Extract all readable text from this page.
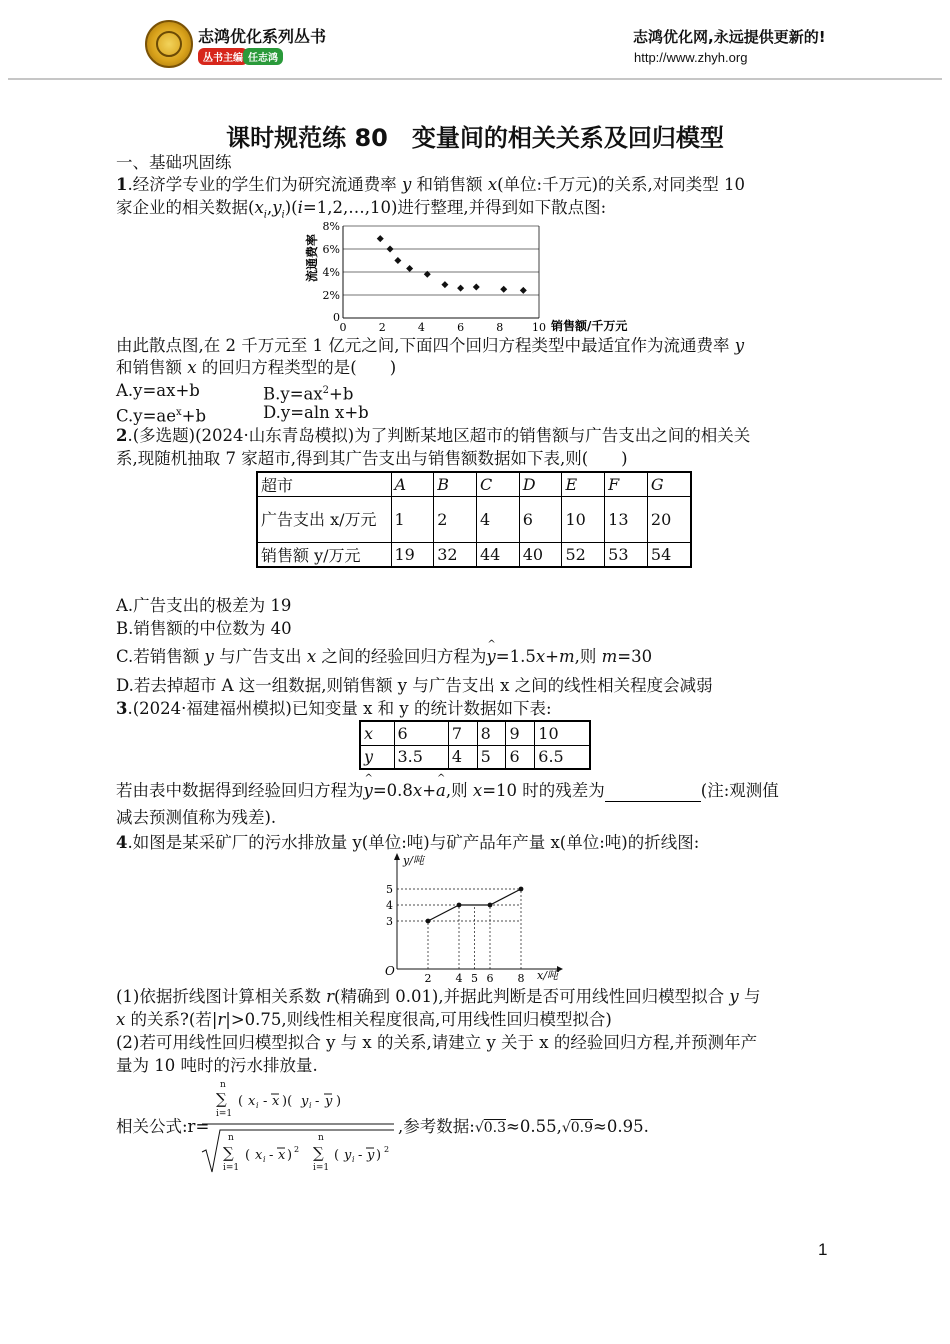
志鸿优化系列丛书
丛书主编 任志鸿
志鸿优化网,永远提供更新的!
http://www.zhyh.org
课时规范练 80　变量间的相关关系及回归模型
一、基础巩固练
1.经济学专业的学生们为研究流通费率 y 和销售额 x(单位:千万元)的关系,对同类型 10
家企业的相关数据$(x_i,y_i)(i=1,2,\dots,10)$进行整理,并得到如下散点图:
2%
4%
6%
8%
0
0	2	4	6	8	10 销售额/千万元
流通费率
由此散点图,在 2 千万元至 1 亿元之间,下面四个回归方程类型中最适宜作为流通费率 y
和销售额 x 的回归方程类型的是(　　)
A.y=ax+b	$B.y=ax^2+b$
$C.y=ae^x+b$	D.y=aln x+b
2.(多选题)(2024·山东青岛模拟)为了判断某地区超市的销售额与广告支出之间的相关关
系,现随机抽取 7 家超市,得到其广告支出与销售额数据如下表,则(　　)
超市	A	B	C	D	E	F	G
广告支出 x/万元	1	2	4	6	10	13	20
销售额 y/万元	19	32	44	40	52	53	54
A.广告支出的极差为 19
B.销售额的中位数为 40
C.若销售额 y 与广告支出 x 之间的经验回归方程为^ y=1.5x+m,则 m=30
D.若去掉超市 A 这一组数据,则销售额 y 与广告支出 x 之间的线性相关程度会减弱
3.(2024·福建福州模拟)已知变量 x 和 y 的统计数据如下表:
x	6	7	8	9	10
y	3.5	4	5	6	6.5
若由表中数据得到经验回归方程为^ y=0.8x+^ a,则 x=10 时的残差为	(注:观测值
减去预测值称为残差).
4.如图是某采矿厂的污水排放量 y(单位:吨)与矿产品年产量 x(单位:吨)的折线图:
y/吨
x/吨
O
2 4 5 6 8
3
4
5
(1)依据折线图计算相关系数 r(精确到 0.01),并据此判断是否可用线性回归模型拟合 y 与
x 的关系?(若|r|>0.75,则线性相关程度很高,可用线性回归模型拟合)
(2)若可用线性回归模型拟合 y 与 x 的关系,请建立 y 关于 x 的经验回归方程,并预测年产
量为 10 吨时的污水排放量.
相关公式:r=
n
∑
i=1
( x i - x )( y i - y )
n
∑
i=1
( x i - x ) 2
n
∑
i=1
( y i - y ) 2
,参考数据:√0.3≈0.55,√0.9≈0.95.
1
